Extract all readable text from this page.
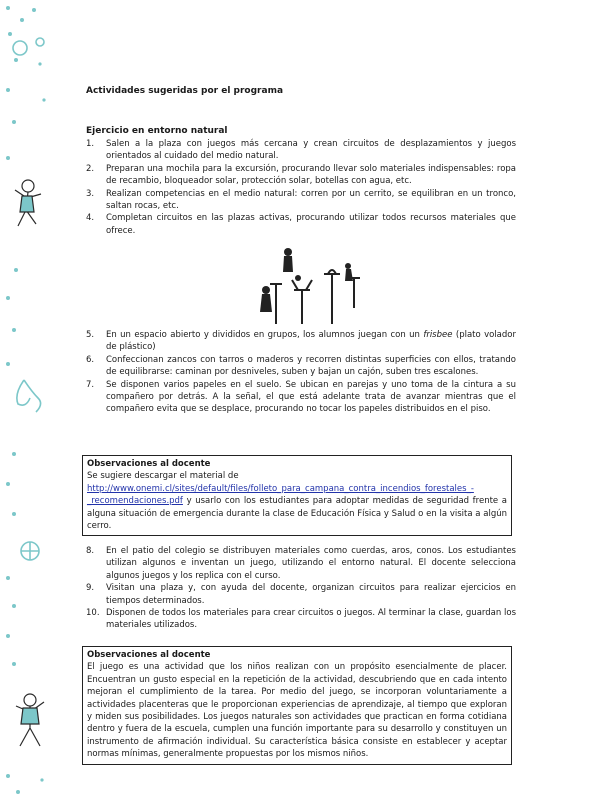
Actividades sugeridas por el programa
Ejercicio en entorno natural
1. Salen a la plaza con juegos más cercana y crean circuitos de desplazamientos y juegos orientados al cuidado del medio natural.
2. Preparan una mochila para la excursión, procurando llevar solo materiales indispensables: ropa de recambio, bloqueador solar, protección solar, botellas con agua, etc.
3. Realizan competencias en el medio natural: corren por un cerrito, se equilibran en un tronco, saltan rocas, etc.
4. Completan circuitos en las plazas activas, procurando utilizar todos recursos materiales que ofrece.
5. En un espacio abierto y divididos en grupos, los alumnos juegan con un frisbee (plato volador de plástico)
6. Confeccionan zancos con tarros o maderos y recorren distintas superficies con ellos, tratando de equilibrarse: caminan por desniveles, suben y bajan un cajón, suben tres escalones.
7. Se disponen varios papeles en el suelo. Se ubican en parejas y uno toma de la cintura a su compañero por detrás. A la señal, el que está adelante trata de avanzar mientras que el compañero evita que se desplace, procurando no tocar los papeles distribuidos en el piso.
Observaciones al docente

Se sugiere descargar el material de
http://www.onemi.cl/sites/default/files/folleto_para_campana_contra_incendios_forestales_-_recomendaciones.pdf y usarlo con los estudiantes para adoptar medidas de seguridad frente a alguna situación de emergencia durante la clase de Educación Física y Salud o en la visita a algún cerro.

8. En el patio del colegio se distribuyen materiales como cuerdas, aros, conos. Los estudiantes utilizan algunos e inventan un juego, utilizando el entorno natural. El docente selecciona algunos juegos y los replica con el curso.
9. Visitan una plaza y, con ayuda del docente, organizan circuitos para realizar ejercicios en tiempos determinados.
10. Disponen de todos los materiales para crear circuitos o juegos. Al terminar la clase, guardan los materiales utilizados.
Observaciones al docente

El juego es una actividad que los niños realizan con un propósito esencialmente de placer. Encuentran un gusto especial en la repetición de la actividad, descubriendo que en cada intento mejoran el cumplimiento de la tarea. Por medio del juego, se incorporan voluntariamente a actividades placenteras que le proporcionan experiencias de aprendizaje, al tiempo que exploran y miden sus posibilidades. Los juegos naturales son actividades que practican en forma cotidiana dentro y fuera de la escuela, cumplen una función importante para su desarrollo y constituyen un instrumento de afirmación individual. Su característica básica consiste en establecer y aceptar normas mínimas, generalmente propuestas por los mismos niños.
